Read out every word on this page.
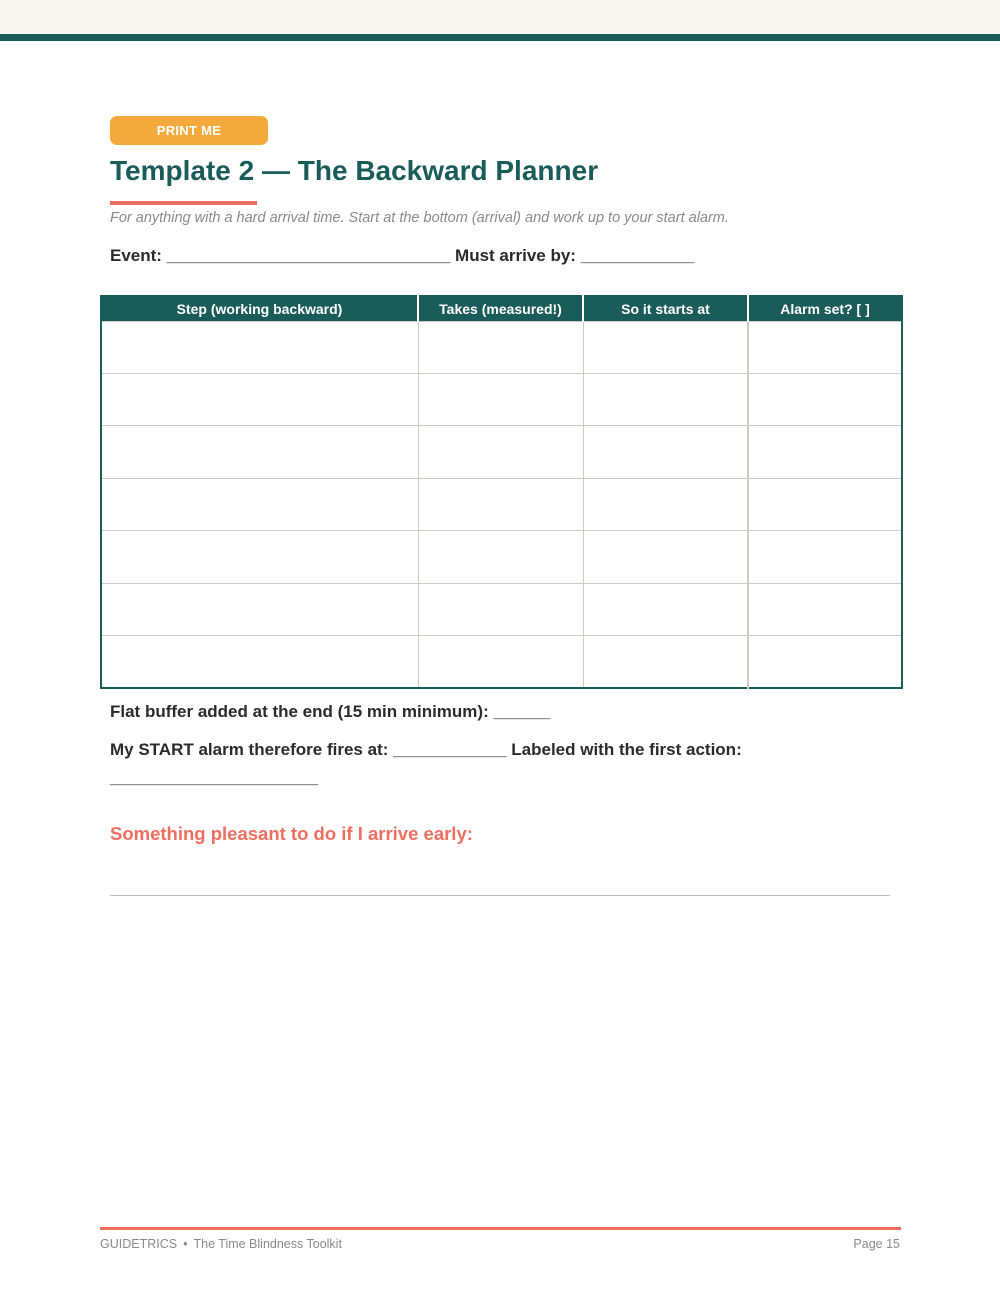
PRINT ME
Template 2 — The Backward Planner

For anything with a hard arrival time. Start at the bottom (arrival) and work up to your start alarm.

Event: ______________________________ Must arrive by: ____________

Step (working backward)	Takes (measured!)	So it starts at	Alarm set? [ ]

Flat buffer added at the end (15 min minimum): ______

My START alarm therefore fires at: ____________ Labeled with the first action:

______________________

Something pleasant to do if I arrive early:
GUIDETRICS • The Time Blindness Toolkit	Page 15
